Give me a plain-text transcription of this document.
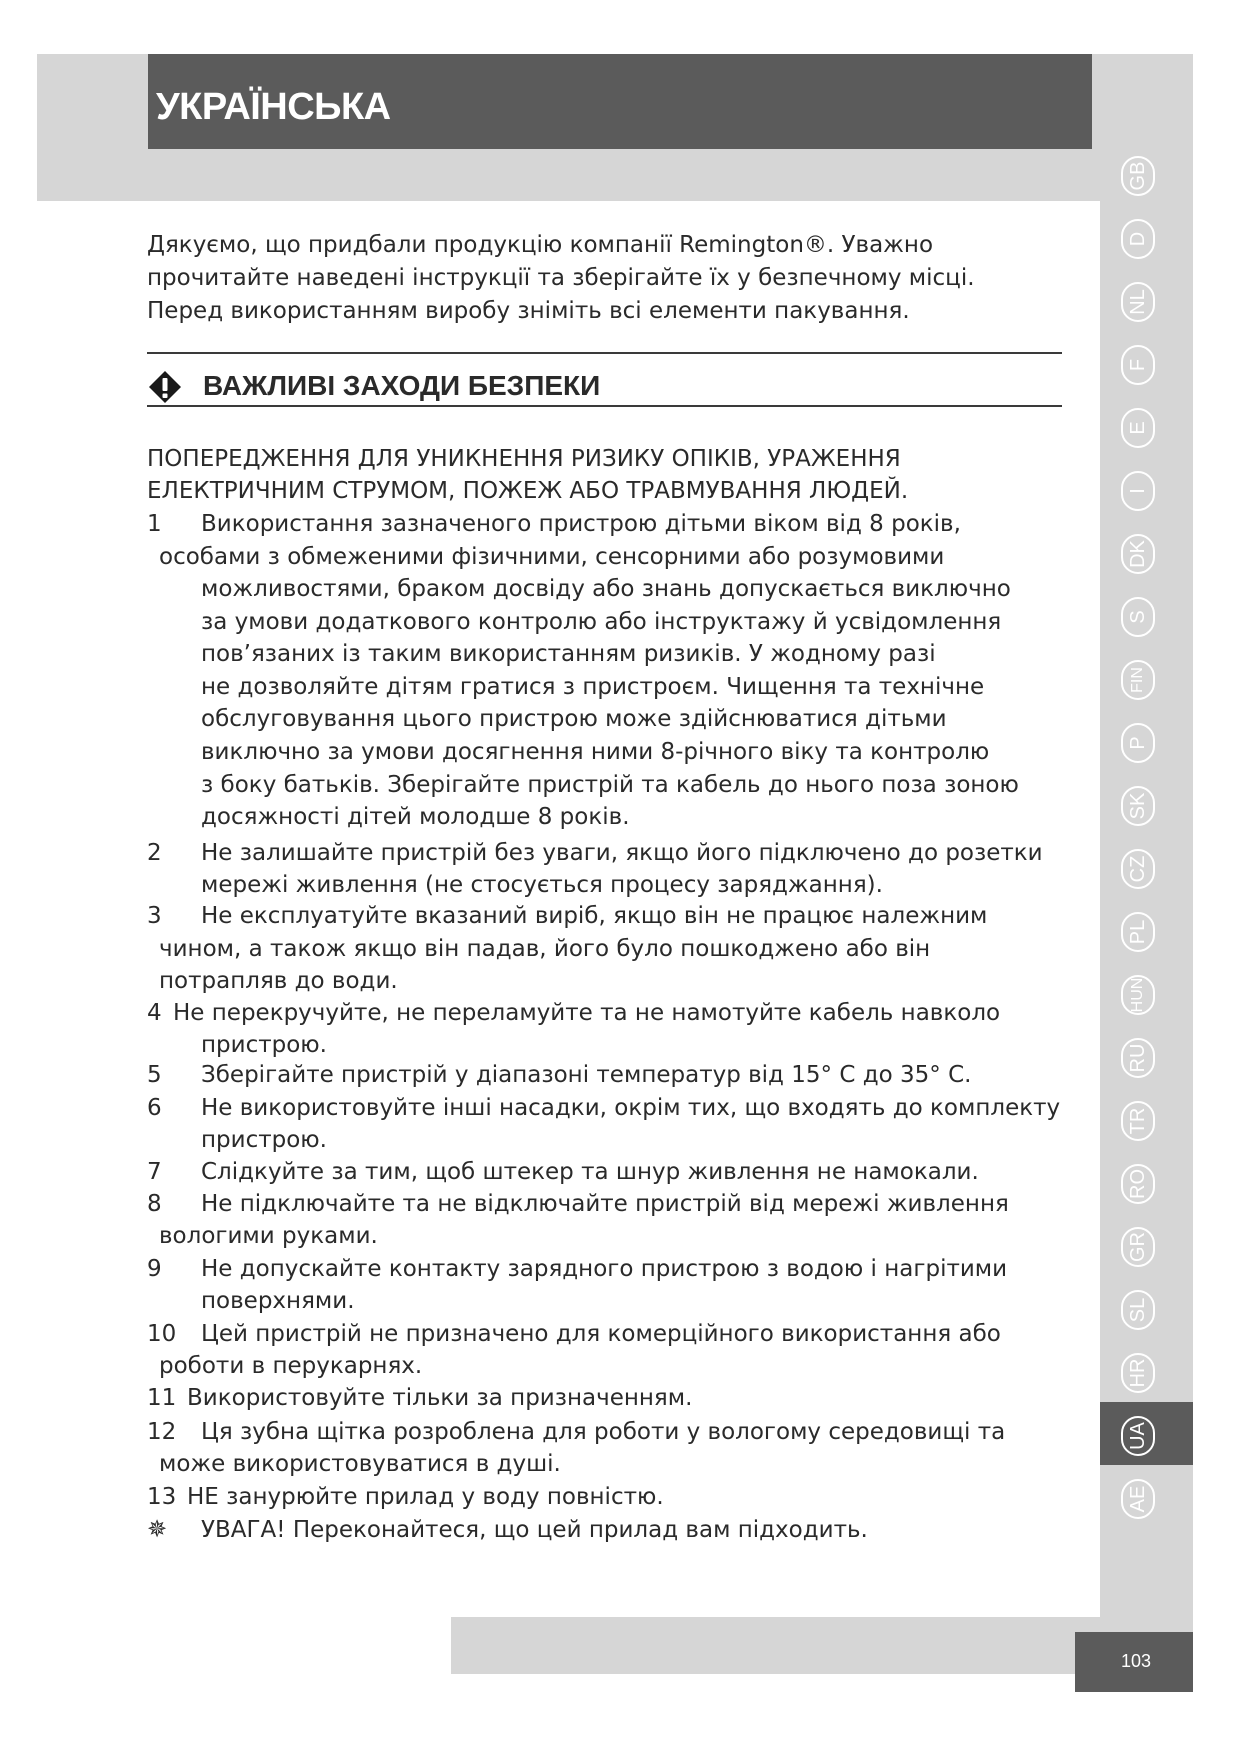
УКРАЇНСЬКА
GB
D
NL
F
E
I
DK
S
FIN
P
SK
CZ
PL
HUN
RU
TR
RO
GR
SL
HR
UA
AE
Дякуємо, що придбали продукцію компанії Remington®. Уважно
прочитайте наведені інструкції та зберігайте їх у безпечному місці.
Перед використанням виробу зніміть всі елементи пакування.
ВАЖЛИВІ ЗАХОДИ БЕЗПЕКИ
ПОПЕРЕДЖЕННЯ ДЛЯ УНИКНЕННЯ РИЗИКУ ОПІКІВ, УРАЖЕННЯ
ЕЛЕКТРИЧНИМ СТРУМОМ, ПОЖЕЖ АБО ТРАВМУВАННЯ ЛЮДЕЙ.
1 Використання зазначеного пристрою дітьми віком від 8 років,
особами з обмеженими фізичними, сенсорними або розумовими
можливостями, браком досвіду або знань допускається виключно
за умови додаткового контролю або інструктажу й усвідомлення
пов’язаних із таким використанням ризиків. У жодному разі
не дозволяйте дітям гратися з пристроєм. Чищення та технічне
обслуговування цього пристрою може здійснюватися дітьми
виключно за умови досягнення ними 8-річного віку та контролю
з боку батьків. Зберігайте пристрій та кабель до нього поза зоною
досяжності дітей молодше 8 років.
2 Не залишайте пристрій без уваги, якщо його підключено до розетки
мережі живлення (не стосується процесу заряджання).
3 Не експлуатуйте вказаний виріб, якщо він не працює належним
чином, а також якщо він падав, його було пошкоджено або він
потрапляв до води.
4 Не перекручуйте, не переламуйте та не намотуйте кабель навколо
пристрою.
5 Зберігайте пристрій у діапазоні температур від 15° C до 35° C.
6 Не використовуйте інші насадки, окрім тих, що входять до комплекту
пристрою.
7 Слідкуйте за тим, щоб штекер та шнур живлення не намокали.
8 Не підключайте та не відключайте пристрій від мережі живлення
вологими руками.
9 Не допускайте контакту зарядного пристрою з водою і нагрітими
поверхнями.
10 Цей пристрій не призначено для комерційного використання або
роботи в перукарнях.
11 Використовуйте тільки за призначенням.
12 Ця зубна щітка розроблена для роботи у вологому середовищі та
може використовуватися в душі.
13 НЕ занурюйте прилад у воду повністю.
✵ УВАГА! Переконайтеся, що цей прилад вам підходить.
103
